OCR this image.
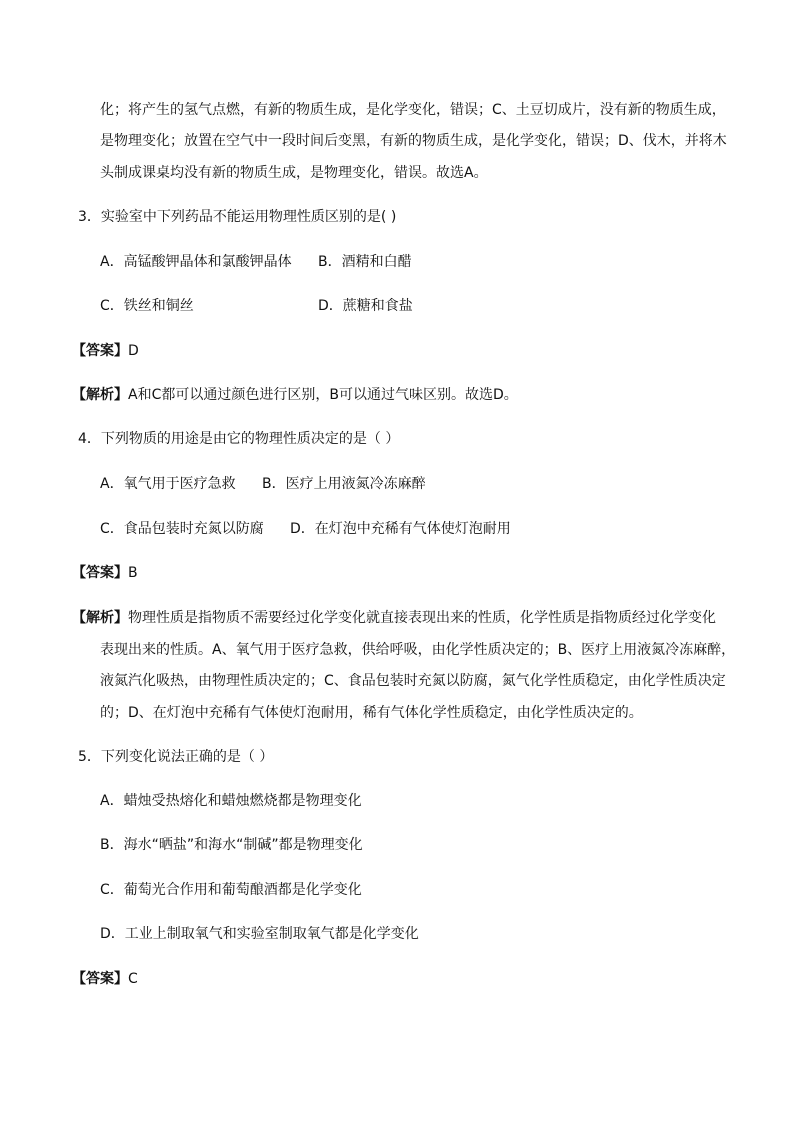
化；将产生的氢气点燃，有新的物质生成，是化学变化，错误；C、土豆切成片，没有新的物质生成，
是物理变化；放置在空气中一段时间后变黑，有新的物质生成，是化学变化，错误；D、伐木，并将木
头制成课桌均没有新的物质生成，是物理变化，错误。故选A。
3．实验室中下列药品不能运用物理性质区别的是( )
A．高锰酸钾晶体和氯酸钾晶体 B．酒精和白醋
C．铁丝和铜丝	D．蔗糖和食盐
【答案】D
【解析】A和C都可以通过颜色进行区别，B可以通过气味区别。故选D。
4．下列物质的用途是由它的物理性质决定的是（ ）
A．氧气用于医疗急救 B．医疗上用液氮冷冻麻醉
C．食品包装时充氮以防腐 D．在灯泡中充稀有气体使灯泡耐用
【答案】B
【解析】物理性质是指物质不需要经过化学变化就直接表现出来的性质，化学性质是指物质经过化学变化
表现出来的性质。A、氧气用于医疗急救，供给呼吸，由化学性质决定的；B、医疗上用液氮冷冻麻醉，
液氮汽化吸热，由物理性质决定的；C、食品包装时充氮以防腐，氮气化学性质稳定，由化学性质决定
的；D、在灯泡中充稀有气体使灯泡耐用，稀有气体化学性质稳定，由化学性质决定的。
5．下列变化说法正确的是（ ）
A．蜡烛受热熔化和蜡烛燃烧都是物理变化
B．海水“晒盐”和海水“制碱”都是物理变化
C．葡萄光合作用和葡萄酿酒都是化学变化
D．工业上制取氧气和实验室制取氧气都是化学变化
【答案】C
